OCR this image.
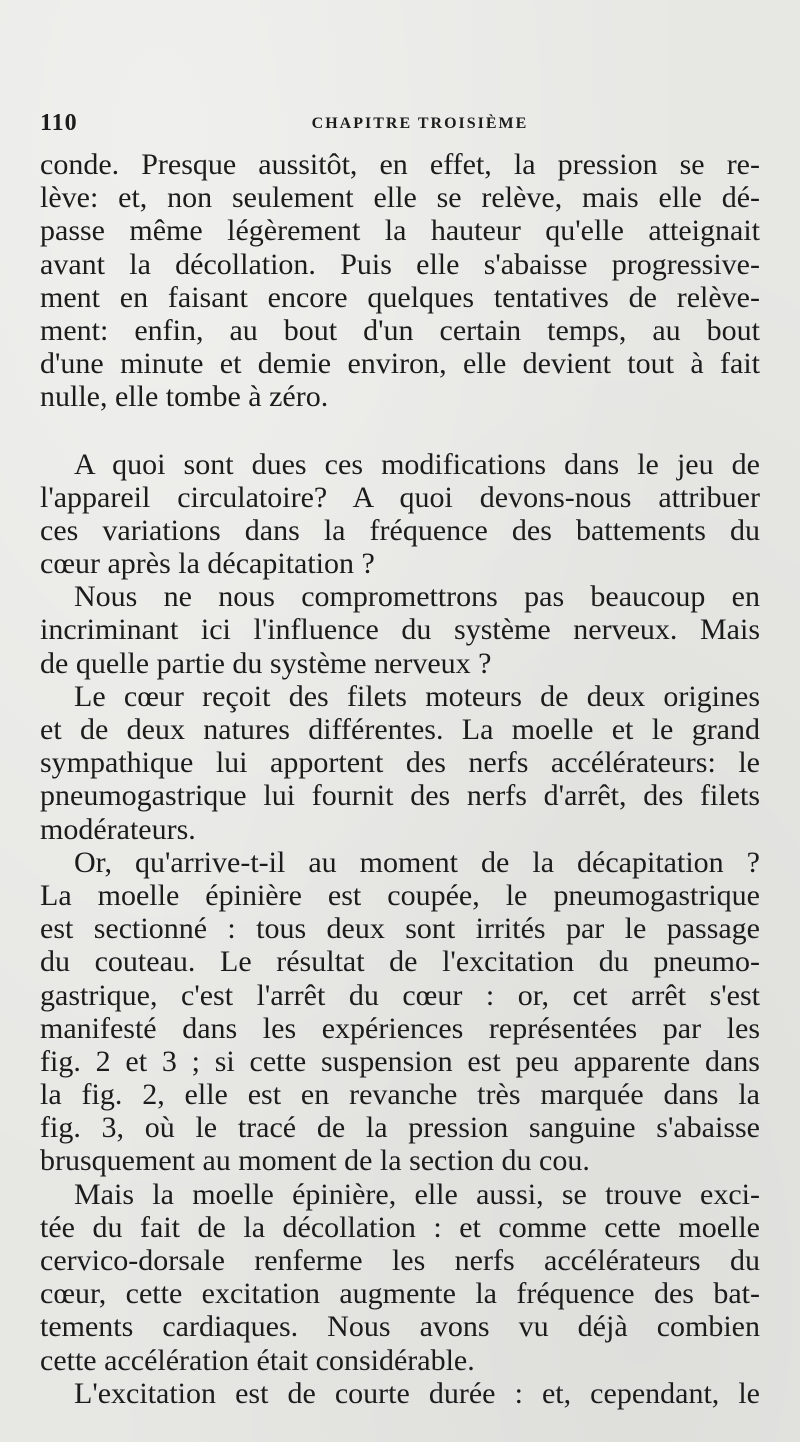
110	CHAPITRE TROISIÈME
conde. Presque aussitôt, en effet, la pression se re-
lève: et, non seulement elle se relève, mais elle dé-
passe même légèrement la hauteur qu'elle atteignait
avant la décollation. Puis elle s'abaisse progressive-
ment en faisant encore quelques tentatives de relève-
ment: enfin, au bout d'un certain temps, au bout
d'une minute et demie environ, elle devient tout à fait
nulle, elle tombe à zéro.
A quoi sont dues ces modifications dans le jeu de
l'appareil circulatoire? A quoi devons-nous attribuer
ces variations dans la fréquence des battements du
cœur après la décapitation ?
Nous ne nous compromettrons pas beaucoup en
incriminant ici l'influence du système nerveux. Mais
de quelle partie du système nerveux ?
Le cœur reçoit des filets moteurs de deux origines
et de deux natures différentes. La moelle et le grand
sympathique lui apportent des nerfs accélérateurs: le
pneumogastrique lui fournit des nerfs d'arrêt, des filets
modérateurs.
Or, qu'arrive-t-il au moment de la décapitation ?
La moelle épinière est coupée, le pneumogastrique
est sectionné : tous deux sont irrités par le passage
du couteau. Le résultat de l'excitation du pneumo-
gastrique, c'est l'arrêt du cœur : or, cet arrêt s'est
manifesté dans les expériences représentées par les
fig. 2 et 3 ; si cette suspension est peu apparente dans
la fig. 2, elle est en revanche très marquée dans la
fig. 3, où le tracé de la pression sanguine s'abaisse
brusquement au moment de la section du cou.
Mais la moelle épinière, elle aussi, se trouve exci-
tée du fait de la décollation : et comme cette moelle
cervico-dorsale renferme les nerfs accélérateurs du
cœur, cette excitation augmente la fréquence des bat-
tements cardiaques. Nous avons vu déjà combien
cette accélération était considérable.
L'excitation est de courte durée : et, cependant, le
